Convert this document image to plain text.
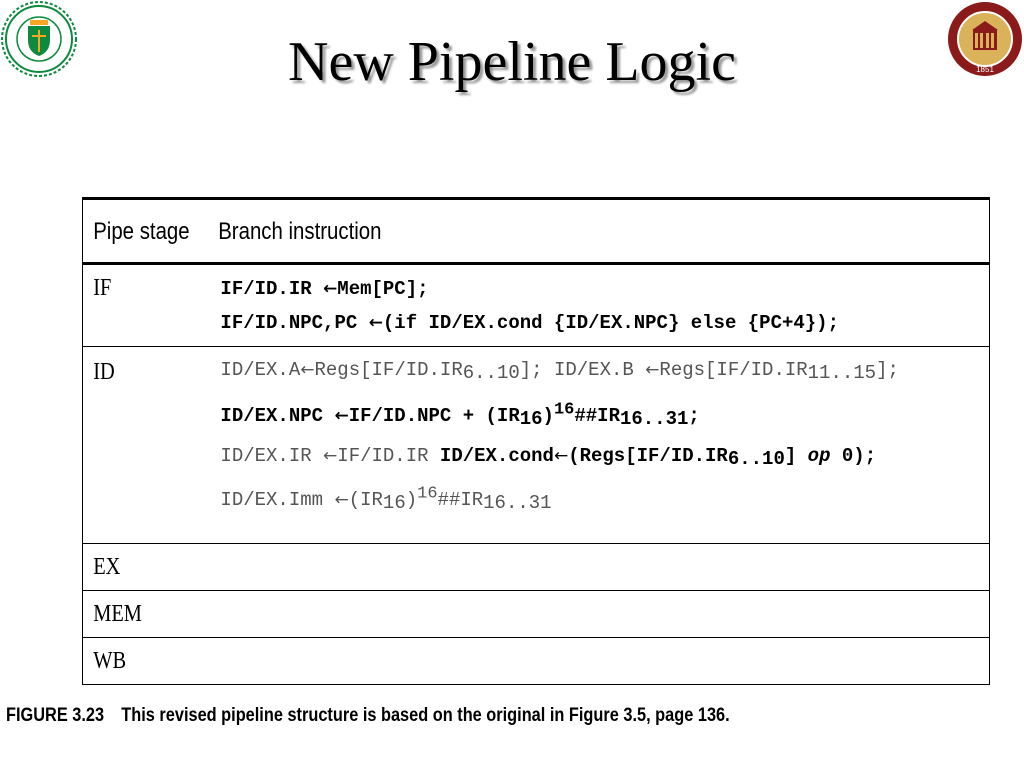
1851
New Pipeline Logic
Pipe stage	Branch instruction
IF	IF/ID.IR ←Mem[PC];
IF/ID.NPC,PC ←(if ID/EX.cond {ID/EX.NPC} else {PC+4});

ID	$ID/EX.A\leftarrow Regs[IF/ID.IR_{6..10}]$; ID/EX.B $\leftarrow Regs[IF/ID.IR_{11..15}]$;
ID/EX.NPC ←IF/ID.NPC + $(IR_{16})^{16}\#\#IR_{16..31}$;
ID/EX.IR ←IF/ID.IR $ID/EX.cond\leftarrow(Regs[IF/ID.IR_{6..10}]$ op 0);
ID/EX.Imm $\leftarrow(IR_{16})^{16}\#\#IR_{16..31}$

EX	
MEM	
WB	
FIGURE 3.23 This revised pipeline structure is based on the original in Figure 3.5, page 136.
